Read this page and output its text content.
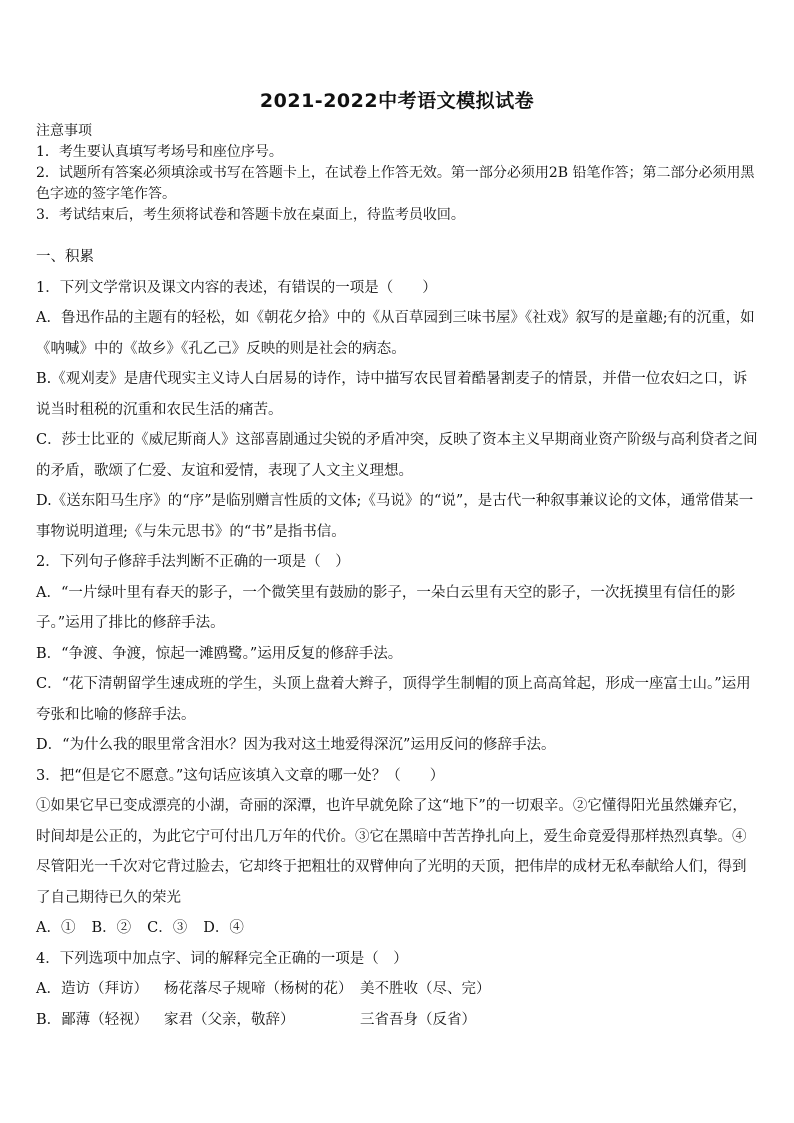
2021-2022中考语文模拟试卷

注意事项

1．考生要认真填写考场号和座位序号。

2．试题所有答案必须填涂或书写在答题卡上，在试卷上作答无效。第一部分必须用2B 铅笔作答；第二部分必须用黑色字迹的签字笔作答。

3．考试结束后，考生须将试卷和答题卡放在桌面上，待监考员收回。

一、积累

1．下列文学常识及课文内容的表述，有错误的一项是（　　）

A．鲁迅作品的主题有的轻松，如《朝花夕拾》中的《从百草园到三味书屋》《社戏》叙写的是童趣;有的沉重，如《呐喊》中的《故乡》《孔乙己》反映的则是社会的病态。

B.《观刈麦》是唐代现实主义诗人白居易的诗作，诗中描写农民冒着酷暑割麦子的情景，并借一位农妇之口，诉说当时租税的沉重和农民生活的痛苦。

C．莎士比亚的《威尼斯商人》这部喜剧通过尖锐的矛盾冲突，反映了资本主义早期商业资产阶级与高利贷者之间的矛盾，歌颂了仁爱、友谊和爱情，表现了人文主义理想。

D.《送东阳马生序》的“序”是临别赠言性质的文体;《马说》的“说”，是古代一种叙事兼议论的文体，通常借某一事物说明道理;《与朱元思书》的“书”是指书信。

2．下列句子修辞手法判断不正确的一项是（　）

A．“一片绿叶里有春天的影子，一个微笑里有鼓励的影子，一朵白云里有天空的影子，一次抚摸里有信任的影子。”运用了排比的修辞手法。

B．“争渡、争渡，惊起一滩鸥鹭。”运用反复的修辞手法。

C．“花下清朝留学生速成班的学生，头顶上盘着大辫子，顶得学生制帽的顶上高高耸起，形成一座富士山。”运用夸张和比喻的修辞手法。

D．“为什么我的眼里常含泪水？因为我对这土地爱得深沉”运用反问的修辞手法。

3．把“但是它不愿意。”这句话应该填入文章的哪一处？（　　）

①如果它早已变成漂亮的小湖，奇丽的深潭，也许早就免除了这“地下”的一切艰辛。②它懂得阳光虽然嫌弃它，时间却是公正的，为此它宁可付出几万年的代价。③它在黑暗中苦苦挣扎向上，爱生命竟爱得那样热烈真挚。④尽管阳光一千次对它背过脸去，它却终于把粗壮的双臂伸向了光明的天顶，把伟岸的成材无私奉献给人们，得到了自己期待已久的荣光

A．① B．② C．③ D．④

4．下列选项中加点字、词的解释完全正确的一项是（　）

A．造访（拜访）	杨花落尽子规啼（杨树的花） 美不胜收（尽、完）
B．鄙薄（轻视）	家君（父亲，敬辞）	三省吾身（反省）
